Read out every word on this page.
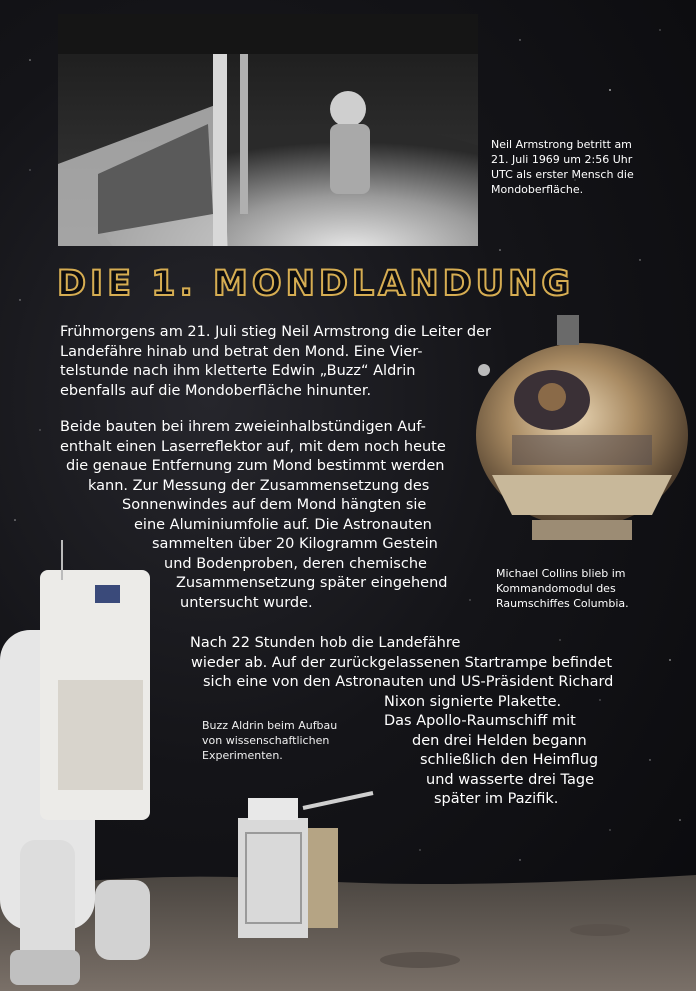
Neil Armstrong betritt am
21. Juli 1969 um 2:56 Uhr
UTC als erster Mensch die
Mondoberfläche.
DIE 1. MONDLANDUNG
Michael Collins blieb im
Kommandomodul des
Raumschiffes Columbia.
Buzz Aldrin beim Aufbau
von wissenschaftlichen
Experimenten.

Frühmorgens am 21. Juli stieg Neil Armstrong die Leiter der
Landefähre hinab und betrat den Mond. Eine Vier-
telstunde nach ihm kletterte Edwin „Buzz“ Aldrin
ebenfalls auf die Mondoberfläche hinunter.

Beide bauten bei ihrem zweieinhalbstündigen Auf-
enthalt einen Laserreflektor auf, mit dem noch heute
die genaue Entfernung zum Mond bestimmt werden
kann. Zur Messung der Zusammensetzung des
Sonnenwindes auf dem Mond hängten sie
eine Aluminiumfolie auf. Die Astronauten
sammelten über 20 Kilogramm Gestein
und Bodenproben, deren chemische
Zusammensetzung später eingehend
untersucht wurde.

Nach 22 Stunden hob die Landefähre
wieder ab. Auf der zurückgelassenen Startrampe befindet
sich eine von den Astronauten und US-Präsident Richard
Nixon signierte Plakette.
Das Apollo-Raumschiff mit
den drei Helden begann
schließlich den Heimflug
und wasserte drei Tage
später im Pazifik.
